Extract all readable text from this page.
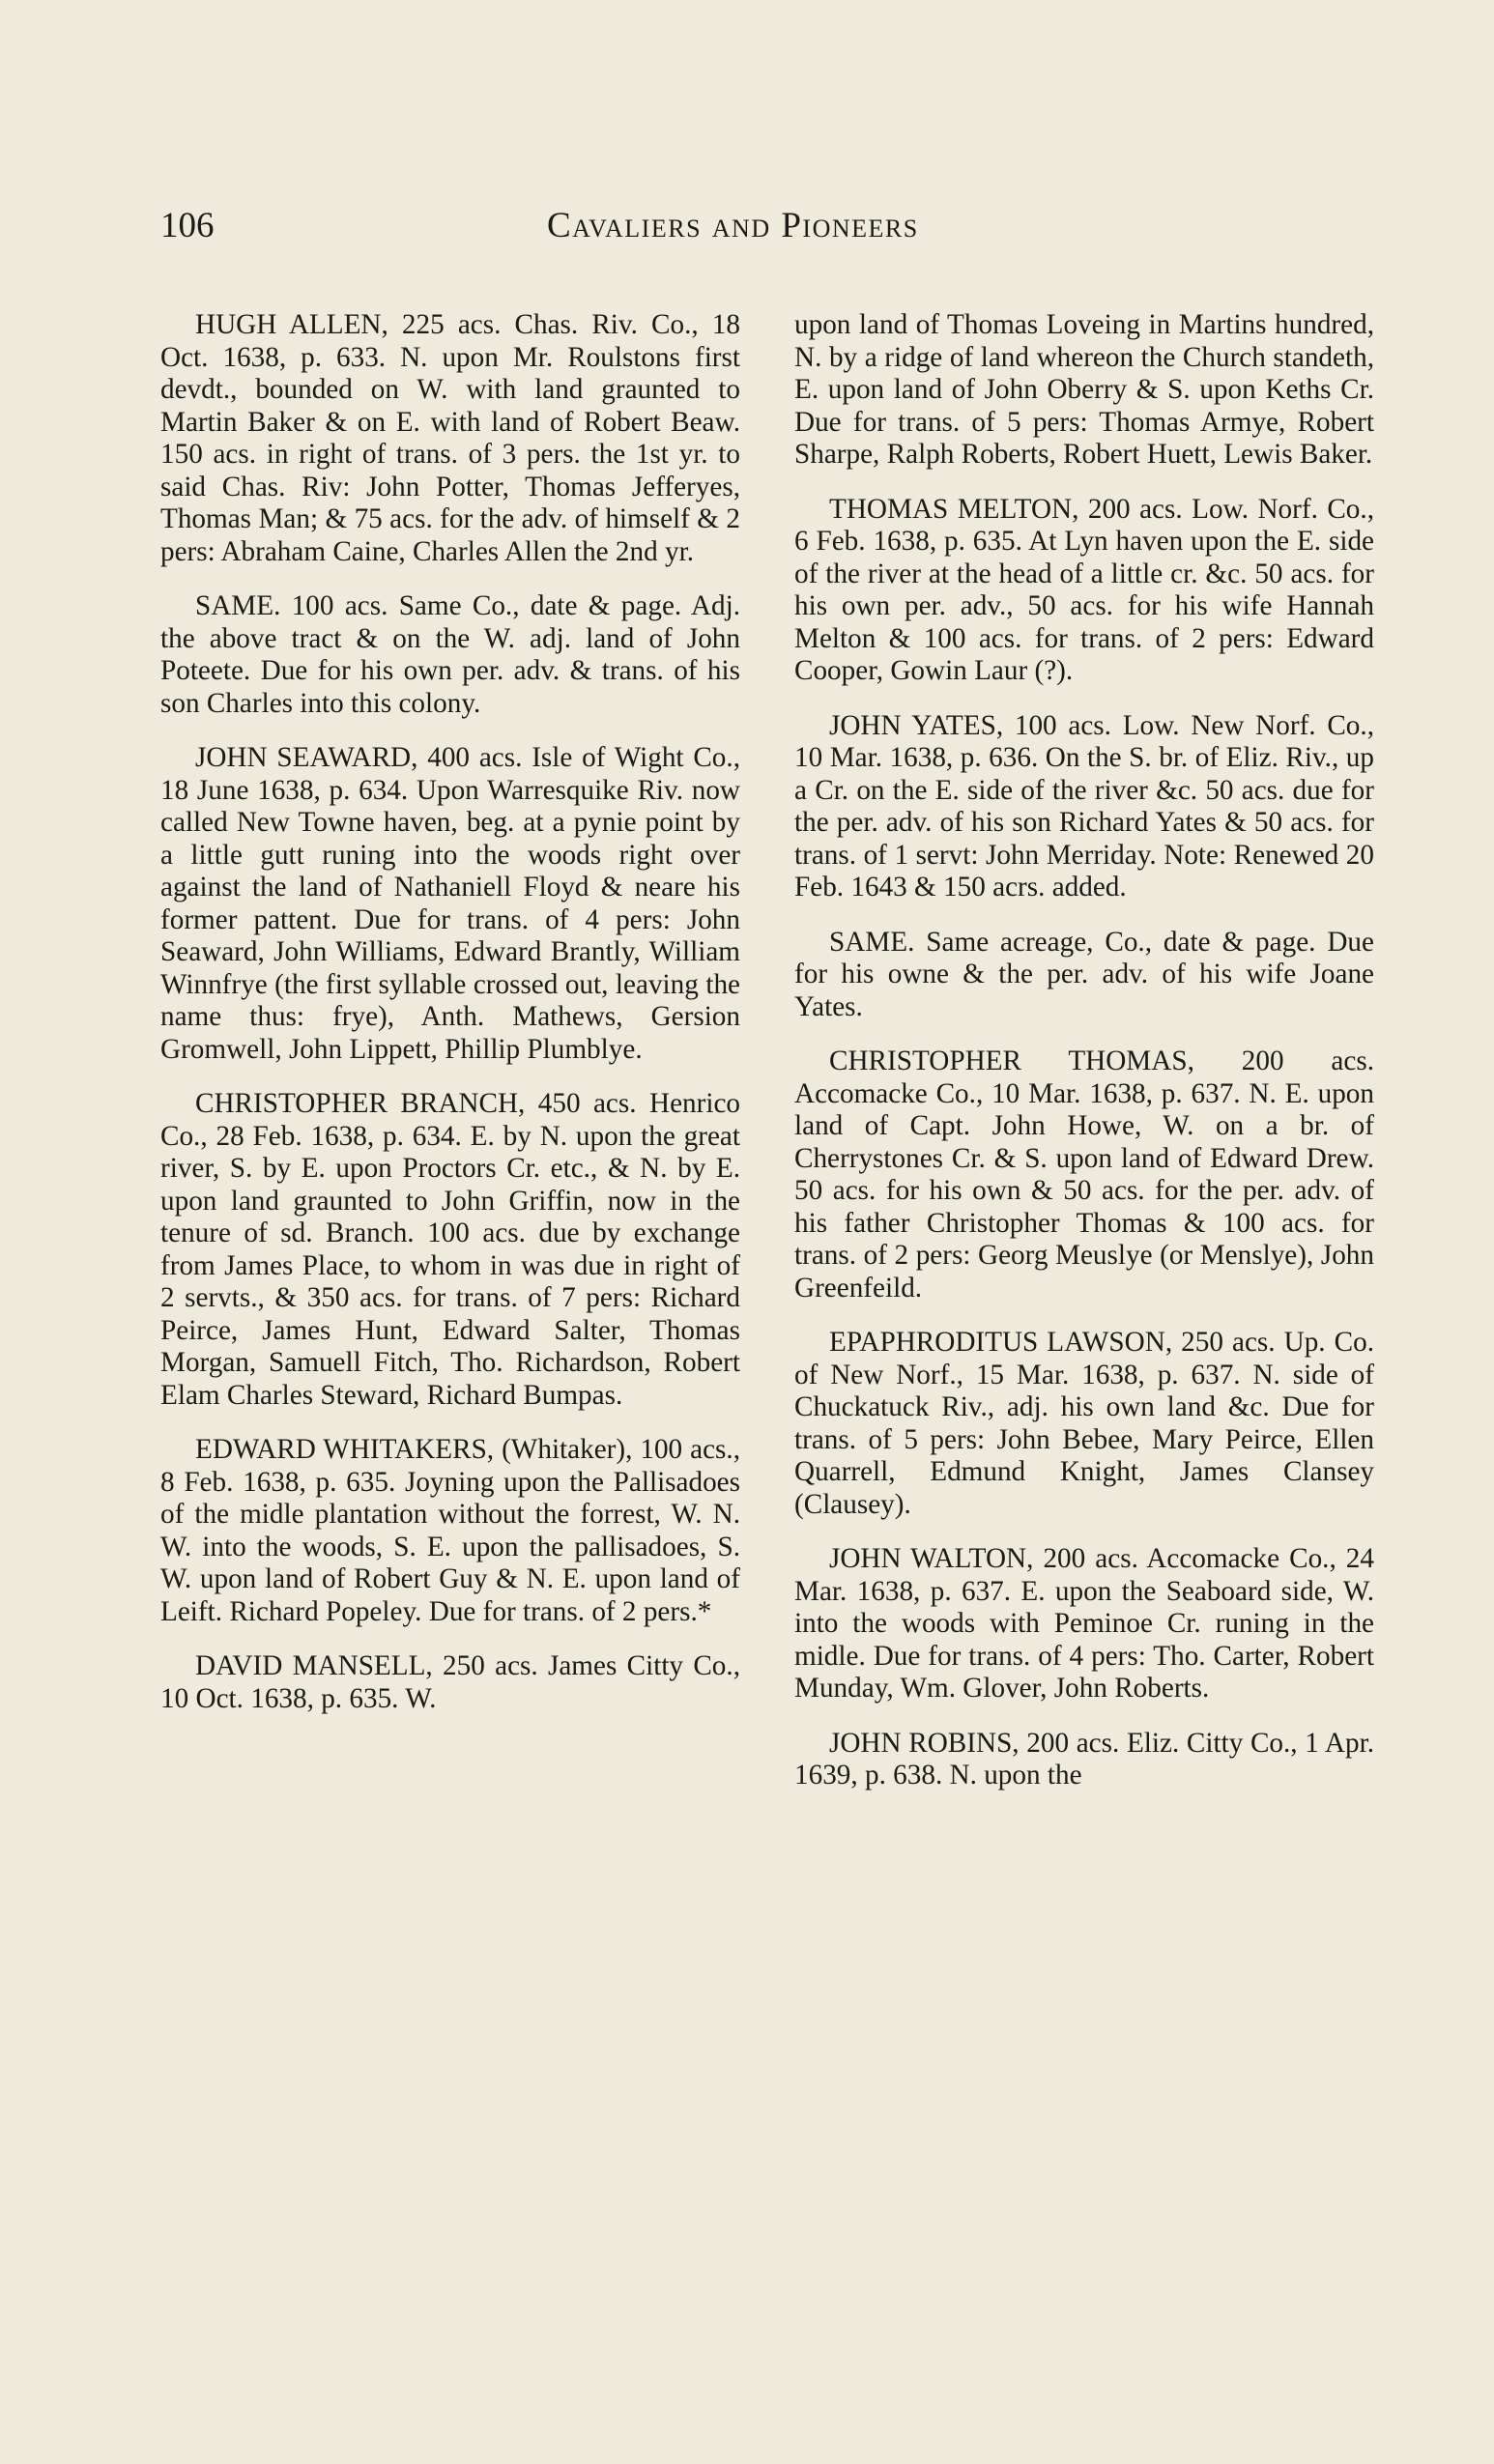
106	Cavaliers and Pioneers

HUGH ALLEN, 225 acs. Chas. Riv. Co., 18 Oct. 1638, p. 633. N. upon Mr. Roulstons first devdt., bounded on W. with land graunted to Martin Baker & on E. with land of Robert Beaw. 150 acs. in right of trans. of 3 pers. the 1st yr. to said Chas. Riv: John Potter, Thomas Jefferyes, Thomas Man; & 75 acs. for the adv. of himself & 2 pers: Abraham Caine, Charles Allen the 2nd yr.

SAME. 100 acs. Same Co., date & page. Adj. the above tract & on the W. adj. land of John Poteete. Due for his own per. adv. & trans. of his son Charles into this colony.

JOHN SEAWARD, 400 acs. Isle of Wight Co., 18 June 1638, p. 634. Upon Warresquike Riv. now called New Towne haven, beg. at a pynie point by a little gutt runing into the woods right over against the land of Nathaniell Floyd & neare his former pattent. Due for trans. of 4 pers: John Seaward, John Williams, Edward Brantly, William Winnfrye (the first syllable crossed out, leaving the name thus: frye), Anth. Mathews, Gersion Gromwell, John Lippett, Phillip Plumblye.

CHRISTOPHER BRANCH, 450 acs. Henrico Co., 28 Feb. 1638, p. 634. E. by N. upon the great river, S. by E. upon Proctors Cr. etc., & N. by E. upon land graunted to John Griffin, now in the tenure of sd. Branch. 100 acs. due by exchange from James Place, to whom in was due in right of 2 servts., & 350 acs. for trans. of 7 pers: Richard Peirce, James Hunt, Edward Salter, Thomas Morgan, Samuell Fitch, Tho. Richardson, Robert Elam Charles Steward, Richard Bumpas.

EDWARD WHITAKERS, (Whitaker), 100 acs., 8 Feb. 1638, p. 635. Joyning upon the Pallisadoes of the midle plantation without the forrest, W. N. W. into the woods, S. E. upon the pallisadoes, S. W. upon land of Robert Guy & N. E. upon land of Leift. Richard Popeley. Due for trans. of 2 pers.*

DAVID MANSELL, 250 acs. James Citty Co., 10 Oct. 1638, p. 635. W.

upon land of Thomas Loveing in Martins hundred, N. by a ridge of land whereon the Church standeth, E. upon land of John Oberry & S. upon Keths Cr. Due for trans. of 5 pers: Thomas Armye, Robert Sharpe, Ralph Roberts, Robert Huett, Lewis Baker.

THOMAS MELTON, 200 acs. Low. Norf. Co., 6 Feb. 1638, p. 635. At Lyn haven upon the E. side of the river at the head of a little cr. &c. 50 acs. for his own per. adv., 50 acs. for his wife Hannah Melton & 100 acs. for trans. of 2 pers: Edward Cooper, Gowin Laur (?).

JOHN YATES, 100 acs. Low. New Norf. Co., 10 Mar. 1638, p. 636. On the S. br. of Eliz. Riv., up a Cr. on the E. side of the river &c. 50 acs. due for the per. adv. of his son Richard Yates & 50 acs. for trans. of 1 servt: John Merriday. Note: Renewed 20 Feb. 1643 & 150 acrs. added.

SAME. Same acreage, Co., date & page. Due for his owne & the per. adv. of his wife Joane Yates.

CHRISTOPHER THOMAS, 200 acs. Accomacke Co., 10 Mar. 1638, p. 637. N. E. upon land of Capt. John Howe, W. on a br. of Cherrystones Cr. & S. upon land of Edward Drew. 50 acs. for his own & 50 acs. for the per. adv. of his father Christopher Thomas & 100 acs. for trans. of 2 pers: Georg Meuslye (or Menslye), John Greenfeild.

EPAPHRODITUS LAWSON, 250 acs. Up. Co. of New Norf., 15 Mar. 1638, p. 637. N. side of Chuckatuck Riv., adj. his own land &c. Due for trans. of 5 pers: John Bebee, Mary Peirce, Ellen Quarrell, Edmund Knight, James Clansey (Clausey).

JOHN WALTON, 200 acs. Accomacke Co., 24 Mar. 1638, p. 637. E. upon the Seaboard side, W. into the woods with Peminoe Cr. runing in the midle. Due for trans. of 4 pers: Tho. Carter, Robert Munday, Wm. Glover, John Roberts.

JOHN ROBINS, 200 acs. Eliz. Citty Co., 1 Apr. 1639, p. 638. N. upon the
